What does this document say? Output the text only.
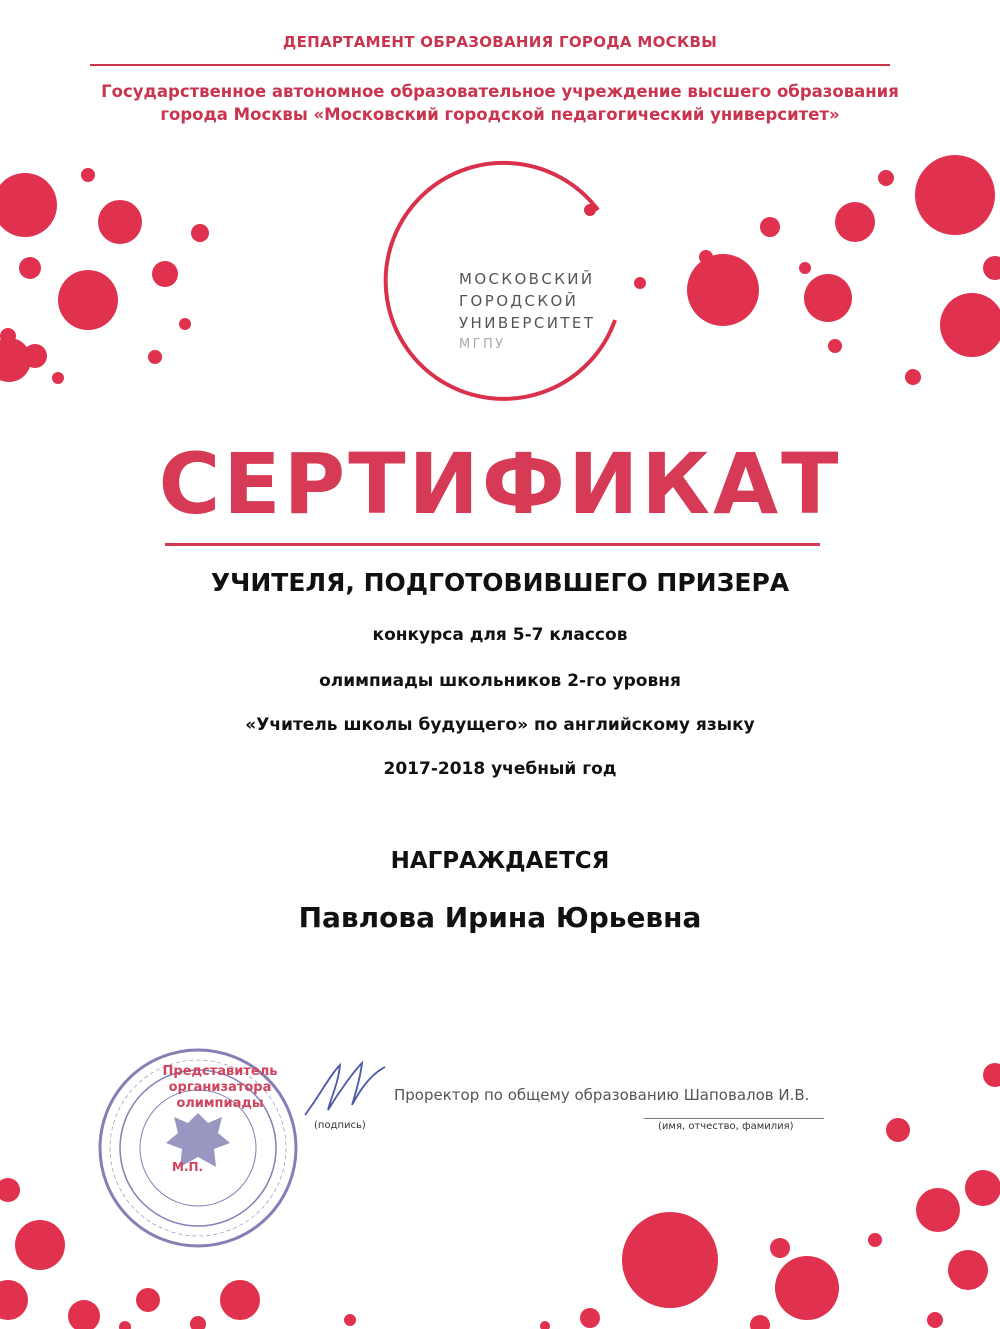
ДЕПАРТАМЕНТ ОБРАЗОВАНИЯ ГОРОДА МОСКВЫ
Государственное автономное образовательное учреждение высшего образования
города Москвы «Московский городской педагогический университет»
МОСКОВСКИЙ
ГОРОДСКОЙ
УНИВЕРСИТЕТ
МГПУ
СЕРТИФИКАТ
УЧИТЕЛЯ, ПОДГОТОВИВШЕГО ПРИЗЕРА
конкурса для 5-7 классов
олимпиады школьников 2-го уровня
«Учитель школы будущего» по английскому языку
2017-2018 учебный год
НАГРАЖДАЕТСЯ
Павлова Ирина Юрьевна
Представитель
организатора
олимпиады
М.П.
(подпись)
Проректор по общему образованию Шаповалов И.В.
(имя, отчество, фамилия)
